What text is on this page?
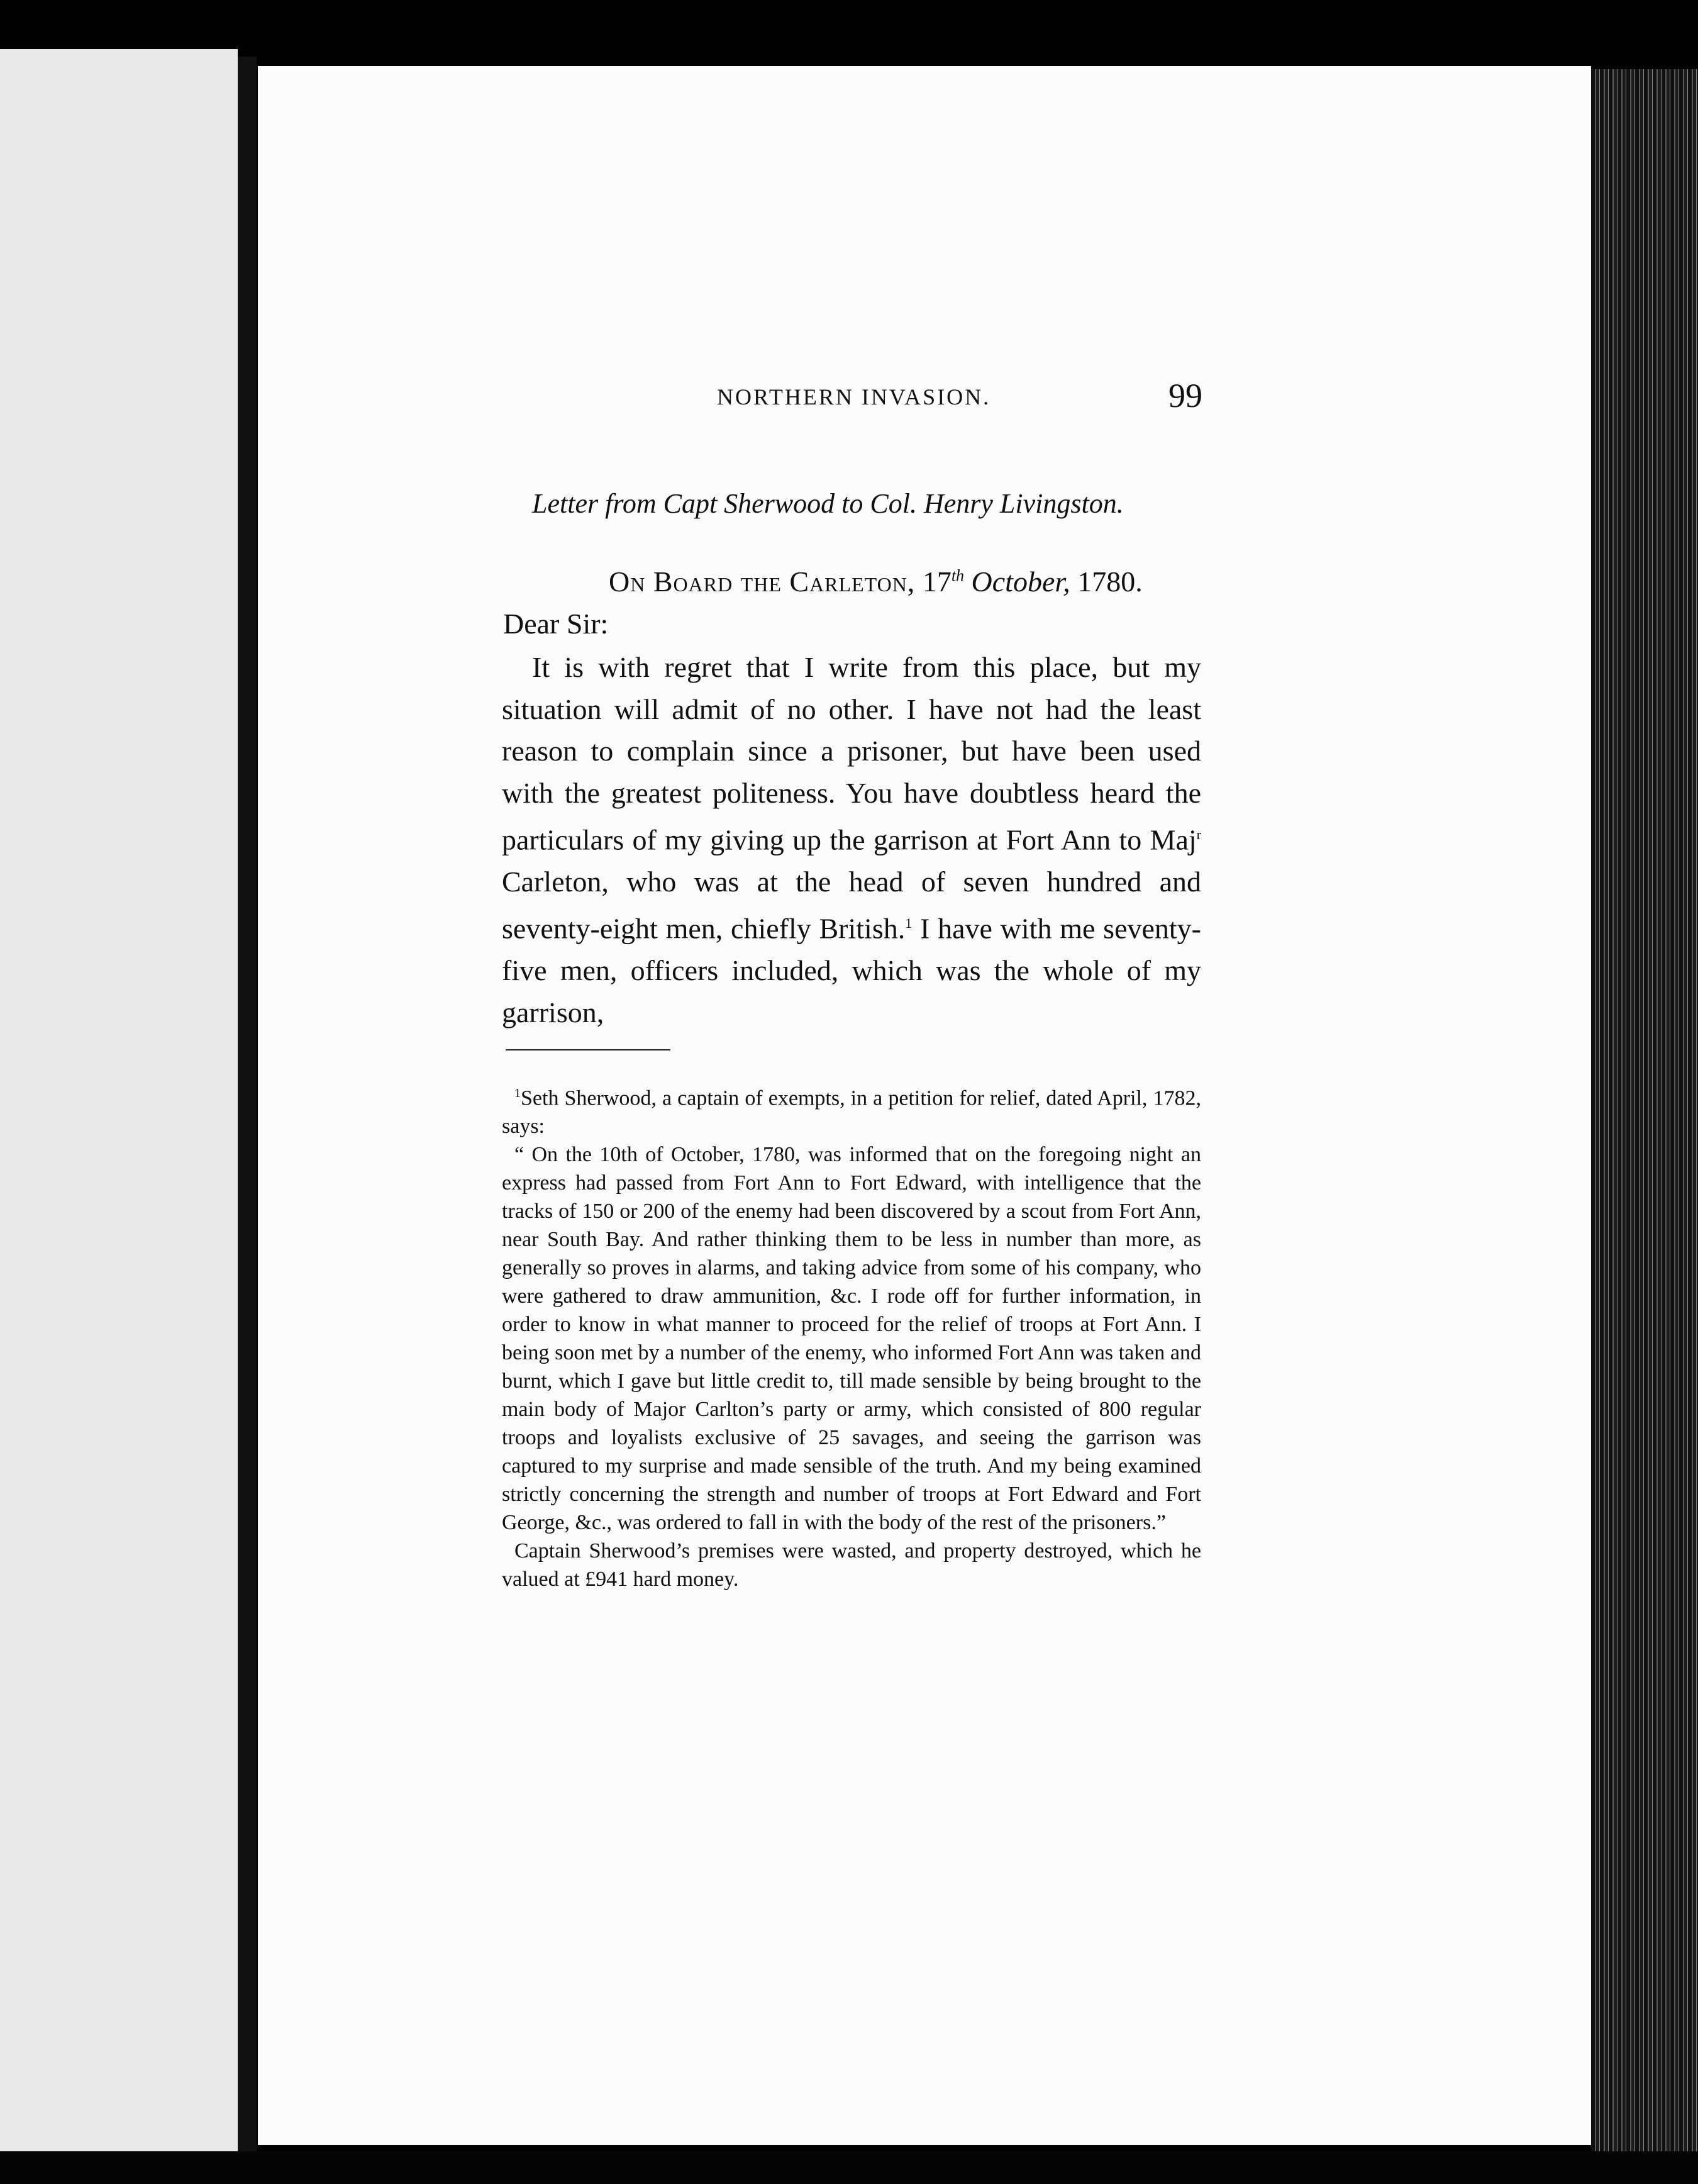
NORTHERN INVASION.	99
Letter from Capt Sherwood to Col. Henry Livingston.
On Board the Carleton, 17th October, 1780.
Dear Sir:

It is with regret that I write from this place, but my situation will admit of no other. I have not had the least reason to complain since a prisoner, but have been used with the greatest politeness. You have doubtless heard the particulars of my giving up the garrison at Fort Ann to Maj$^r$ Carleton, who was at the head of seven hundred and seventy-eight men, chiefly British.$^1$ I have with me seventy-five men, officers included, which was the whole of my garrison,

$^1$Seth Sherwood, a captain of exempts, in a petition for relief, dated April, 1782, says:

“ On the 10th of October, 1780, was informed that on the foregoing night an express had passed from Fort Ann to Fort Edward, with intelligence that the tracks of 150 or 200 of the enemy had been discovered by a scout from Fort Ann, near South Bay. And rather thinking them to be less in number than more, as generally so proves in alarms, and taking advice from some of his company, who were gathered to draw ammunition, &c. I rode off for further information, in order to know in what manner to proceed for the relief of troops at Fort Ann. I being soon met by a number of the enemy, who informed Fort Ann was taken and burnt, which I gave but little credit to, till made sensible by being brought to the main body of Major Carlton’s party or army, which consisted of 800 regular troops and loyalists exclusive of 25 savages, and seeing the garrison was captured to my surprise and made sensible of the truth. And my being examined strictly concerning the strength and number of troops at Fort Edward and Fort George, &c., was ordered to fall in with the body of the rest of the prisoners.”

Captain Sherwood’s premises were wasted, and property destroyed, which he valued at £941 hard money.
